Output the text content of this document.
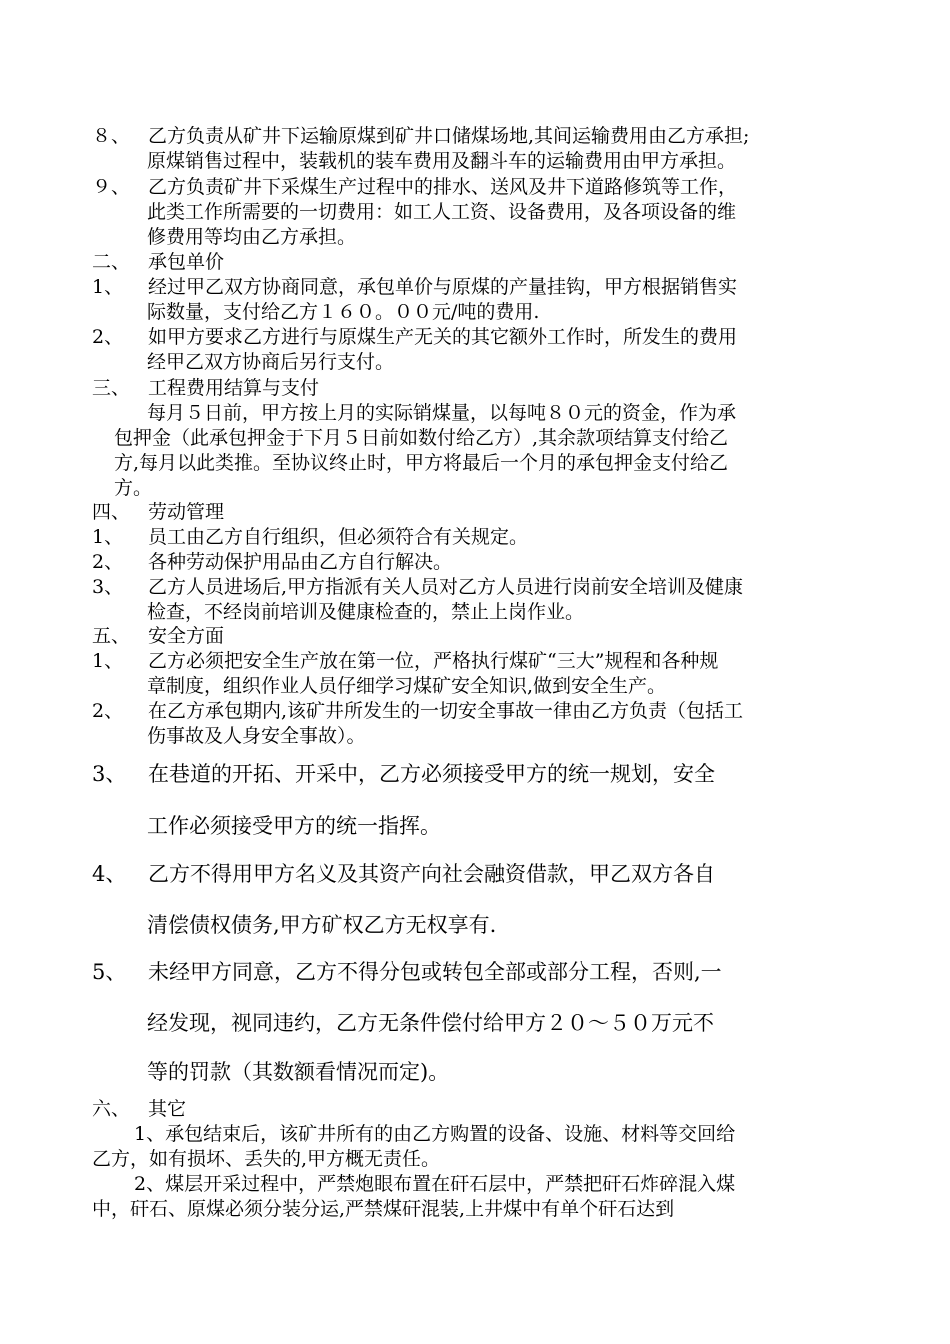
８、 乙方负责从矿井下运输原煤到矿井口储煤场地,其间运输费用由乙方承担;
原煤销售过程中，装载机的装车费用及翻斗车的运输费用由甲方承担。
９、 乙方负责矿井下采煤生产过程中的排水、送风及井下道路修筑等工作，
此类工作所需要的一切费用：如工人工资、设备费用，及各项设备的维
修费用等均由乙方承担。
二、 承包单价
1、 经过甲乙双方协商同意，承包单价与原煤的产量挂钩，甲方根据销售实
际数量，支付给乙方１６０。００元/吨的费用.
2、 如甲方要求乙方进行与原煤生产无关的其它额外工作时，所发生的费用
经甲乙双方协商后另行支付。
三、 工程费用结算与支付
每月５日前，甲方按上月的实际销煤量，以每吨８０元的资金，作为承
包押金（此承包押金于下月５日前如数付给乙方）,其余款项结算支付给乙
方,每月以此类推。至协议终止时，甲方将最后一个月的承包押金支付给乙
方。
四、 劳动管理
1、 员工由乙方自行组织，但必须符合有关规定。
2、 各种劳动保护用品由乙方自行解决。
3、 乙方人员进场后,甲方指派有关人员对乙方人员进行岗前安全培训及健康
检查，不经岗前培训及健康检查的，禁止上岗作业。
五、 安全方面
1、 乙方必须把安全生产放在第一位，严格执行煤矿“三大”规程和各种规
章制度，组织作业人员仔细学习煤矿安全知识,做到安全生产。
2、 在乙方承包期内,该矿井所发生的一切安全事故一律由乙方负责（包括工
伤事故及人身安全事故）。
3、 在巷道的开拓、开采中，乙方必须接受甲方的统一规划，安全
工作必须接受甲方的统一指挥。
4、 乙方不得用甲方名义及其资产向社会融资借款，甲乙双方各自
清偿债权债务,甲方矿权乙方无权享有.
5、 未经甲方同意，乙方不得分包或转包全部或部分工程，否则,一
经发现，视同违约，乙方无条件偿付给甲方２０～５０万元不
等的罚款（其数额看情况而定)。
六、 其它
1、承包结束后，该矿井所有的由乙方购置的设备、设施、材料等交回给
乙方，如有损坏、丢失的,甲方概无责任。
2、煤层开采过程中，严禁炮眼布置在矸石层中，严禁把矸石炸碎混入煤
中，矸石、原煤必须分装分运,严禁煤矸混装,上井煤中有单个矸石达到
